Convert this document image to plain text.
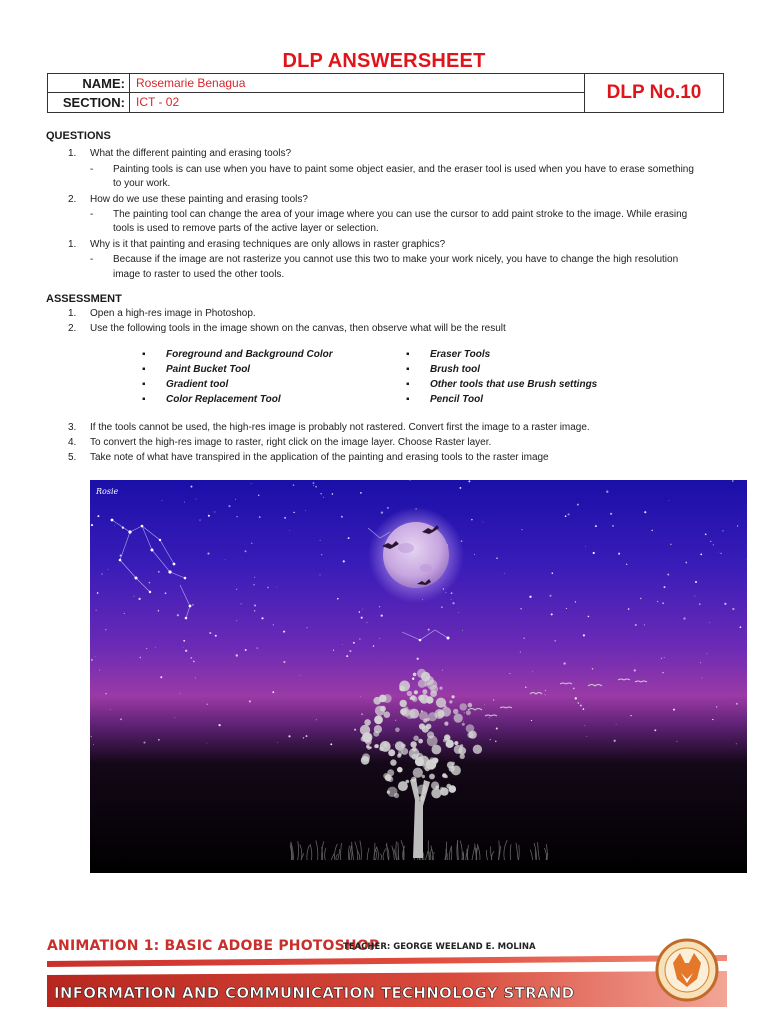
DLP ANSWERSHEET
NAME: Rosemarie Benagua
SECTION: ICT - 02	DLP No.10
QUESTIONS
1. What the different painting and erasing tools?
- Painting tools is can use when you have to paint some object easier, and the eraser tool is used when you have to erase something
to your work.
2. How do we use these painting and erasing tools?
- The painting tool can change the area of your image where you can use the cursor to add paint stroke to the image. While erasing
tools is used to remove parts of the active layer or selection.
1. Why is it that painting and erasing techniques are only allows in raster graphics?
- Because if the image are not rasterize you cannot use this two to make your work nicely, you have to change the high resolution
image to raster to used the other tools.
ASSESSMENT
1. Open a high-res image in Photoshop.
2. Use the following tools in the image shown on the canvas, then observe what will be the result
▪ Foreground and Background Color
▪ Paint Bucket Tool
▪ Gradient tool
▪ Color Replacement Tool
▪ Eraser Tools
▪ Brush tool
▪ Other tools that use Brush settings
▪ Pencil Tool
3. If the tools cannot be used, the high-res image is probably not rastered. Convert first the image to a raster image.
4. To convert the high-res image to raster, right click on the image layer. Choose Raster layer.
5. Take note of what have transpired in the application of the painting and erasing tools to the raster image
Rosie
ANIMATION 1: BASIC ADOBE PHOTOSHOP
TEACHER: GEORGE WEELAND E. MOLINA
INFORMATION AND COMMUNICATION TECHNOLOGY STRAND
